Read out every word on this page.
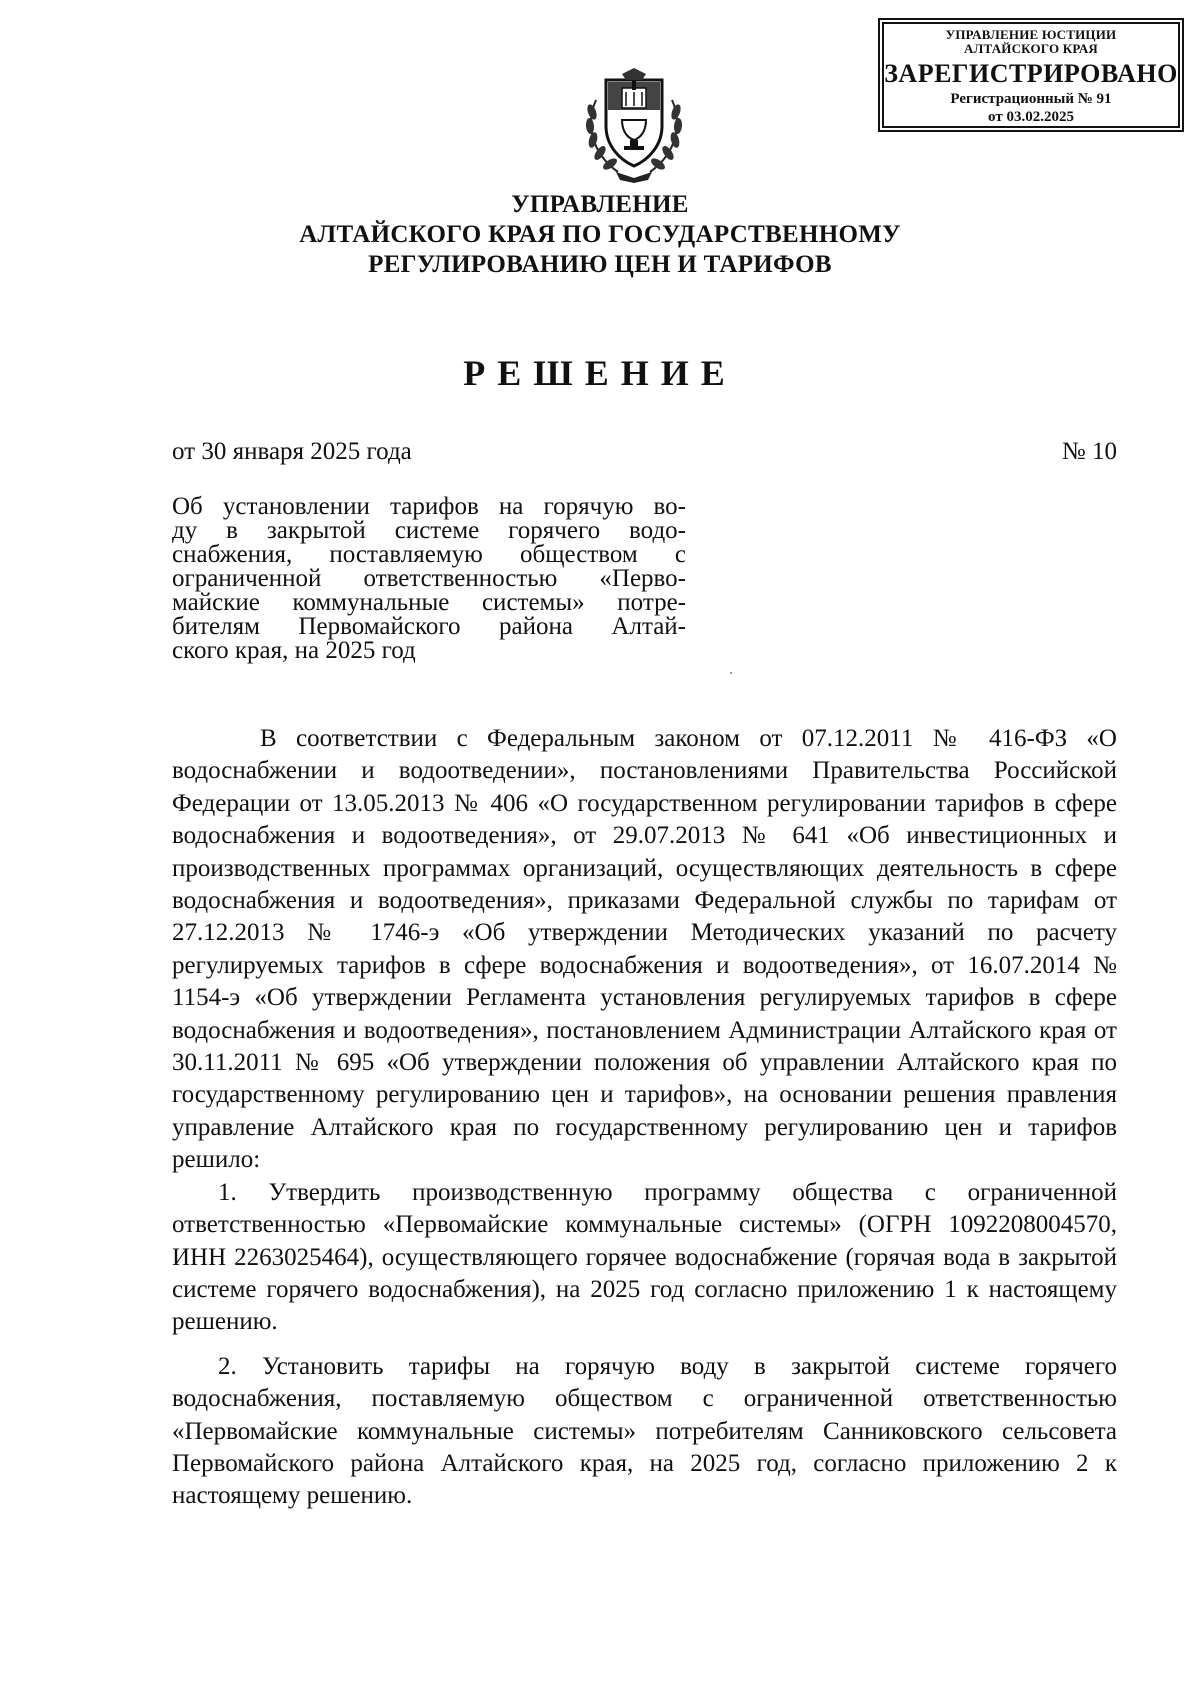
УПРАВЛЕНИЕ ЮСТИЦИИ
АЛТАЙСКОГО КРАЯ
ЗАРЕГИСТРИРОВАНО
Регистрационный № 91
от 03.02.2025
УПРАВЛЕНИЕ
АЛТАЙСКОГО КРАЯ ПО ГОСУДАРСТВЕННОМУ
РЕГУЛИРОВАНИЮ ЦЕН И ТАРИФОВ
РЕШЕНИЕ
от 30 января 2025 года	№ 10
Об установлении тарифов на горячую во-
ду в закрытой системе горячего водо-
снабжения, поставляемую обществом с
ограниченной ответственностью «Перво-
майские коммунальные системы» потре-
бителям Первомайского района Алтай-
ского края, на 2025 год

В соответствии с Федеральным законом от 07.12.2011 № 416-ФЗ «О водоснабжении и водоотведении», постановлениями Правительства Российской Федерации от 13.05.2013 № 406 «О государственном регулировании тарифов в сфере водоснабжения и водоотведения», от 29.07.2013 № 641 «Об инвестиционных и производственных программах организаций, осуществляющих деятельность в сфере водоснабжения и водоотведения», приказами Федеральной службы по тарифам от 27.12.2013 № 1746-э «Об утверждении Методических указаний по расчету регулируемых тарифов в сфере водоснабжения и водоотведения», от 16.07.2014 № 1154-э «Об утверждении Регламента установления регулируемых тарифов в сфере водоснабжения и водоотведения», постановлением Администрации Алтайского края от 30.11.2011 № 695 «Об утверждении положения об управлении Алтайского края по государственному регулированию цен и тарифов», на основании решения правления управление Алтайского края по государственному регулированию цен и тарифов решило:

1. Утвердить производственную программу общества с ограниченной ответственностью «Первомайские коммунальные системы» (ОГРН 1092208004570, ИНН 2263025464), осуществляющего горячее водоснабжение (горячая вода в закрытой системе горячего водоснабжения), на 2025 год согласно приложению 1 к настоящему решению.

2. Установить тарифы на горячую воду в закрытой системе горячего водоснабжения, поставляемую обществом с ограниченной ответственностью «Первомайские коммунальные системы» потребителям Санниковского сельсовета Первомайского района Алтайского края, на 2025 год, согласно приложению 2 к настоящему решению.
